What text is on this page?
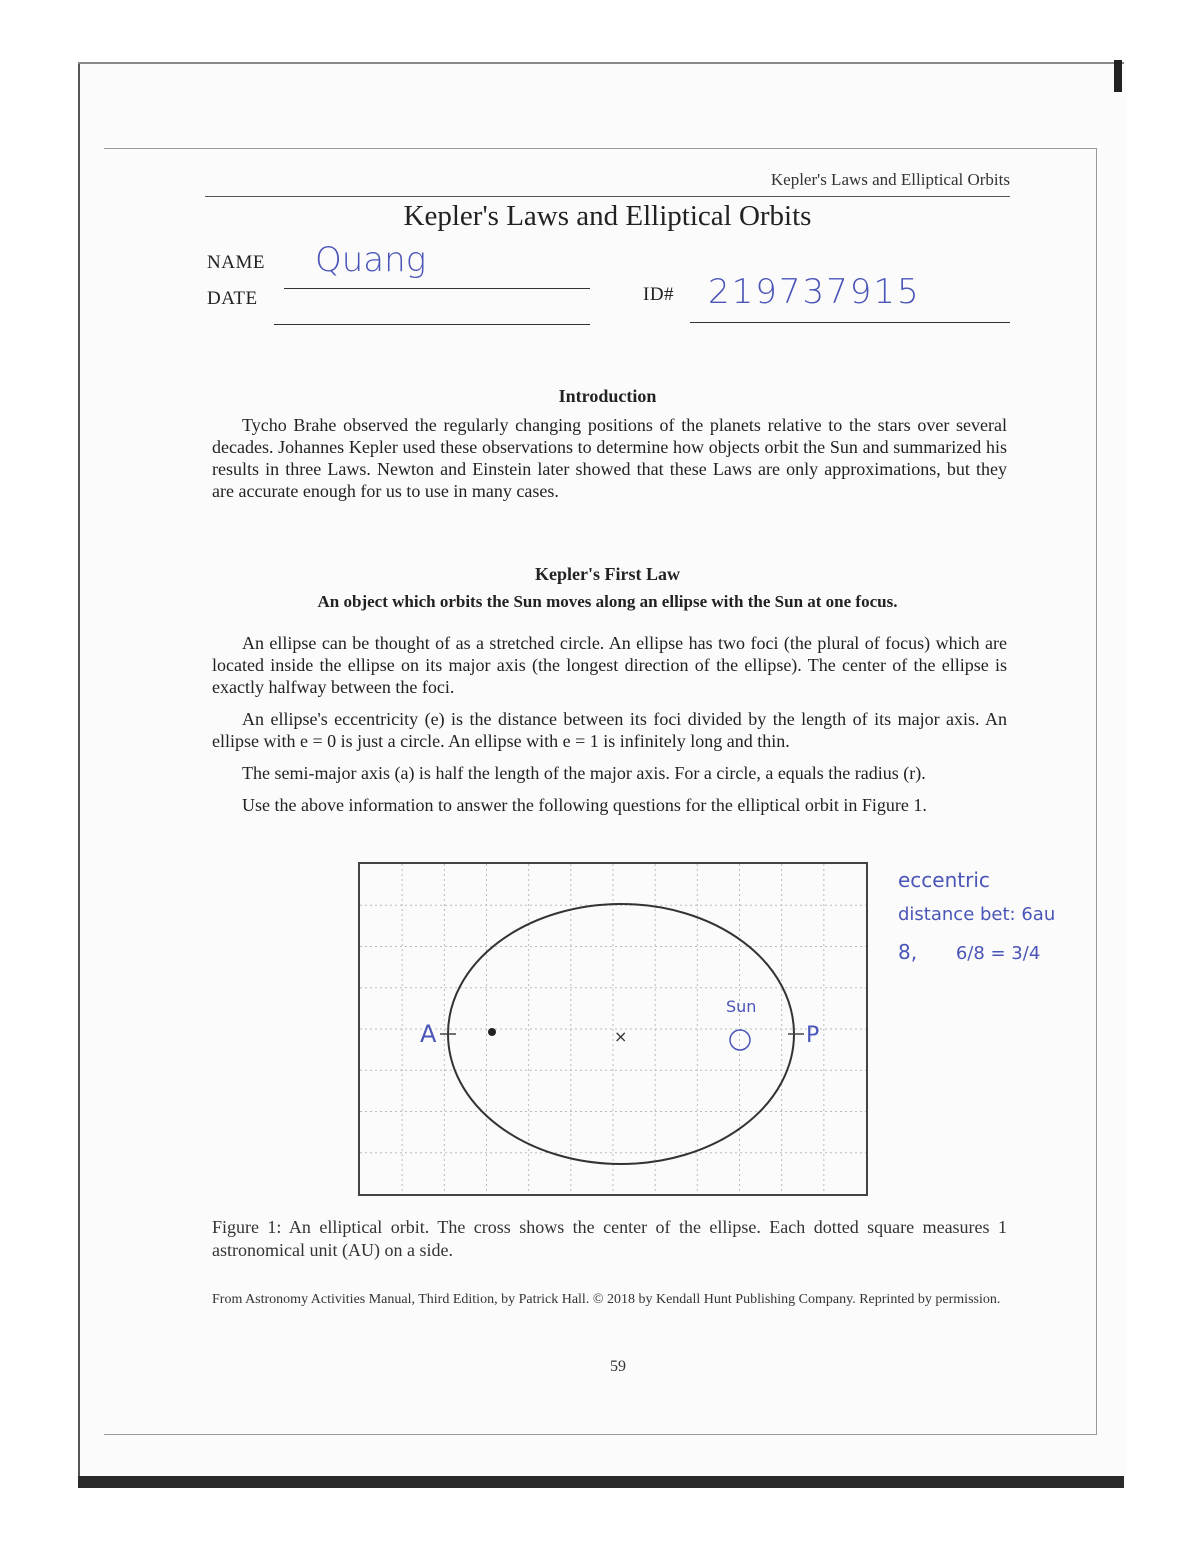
Kepler's Laws and Elliptical Orbits
Kepler's Laws and Elliptical Orbits
NAME Quang
DATE	ID# 219737915
Introduction

Tycho Brahe observed the regularly changing positions of the planets relative to the stars over several decades. Johannes Kepler used these observations to determine how objects orbit the Sun and summarized his results in three Laws. Newton and Einstein later showed that these Laws are only approximations, but they are accurate enough for us to use in many cases.

Kepler's First Law
An object which orbits the Sun moves along an ellipse with the Sun at one focus.

An ellipse can be thought of as a stretched circle. An ellipse has two foci (the plural of focus) which are located inside the ellipse on its major axis (the longest direction of the ellipse). The center of the ellipse is exactly halfway between the foci.

An ellipse's eccentricity (e) is the distance between its foci divided by the length of its major axis. An ellipse with e = 0 is just a circle. An ellipse with e = 1 is infinitely long and thin.

The semi-major axis (a) is half the length of the major axis. For a circle, a equals the radius (r).

Use the above information to answer the following questions for the elliptical orbit in Figure 1.

×
Sun
A	P
eccentric
distance bet: 6au
8, 6/8 = 3/4
Figure 1: An elliptical orbit. The cross shows the center of the ellipse. Each dotted square measures 1 astronomical unit (AU) on a side.
From Astronomy Activities Manual, Third Edition, by Patrick Hall. © 2018 by Kendall Hunt Publishing Company. Reprinted by permission.
59
